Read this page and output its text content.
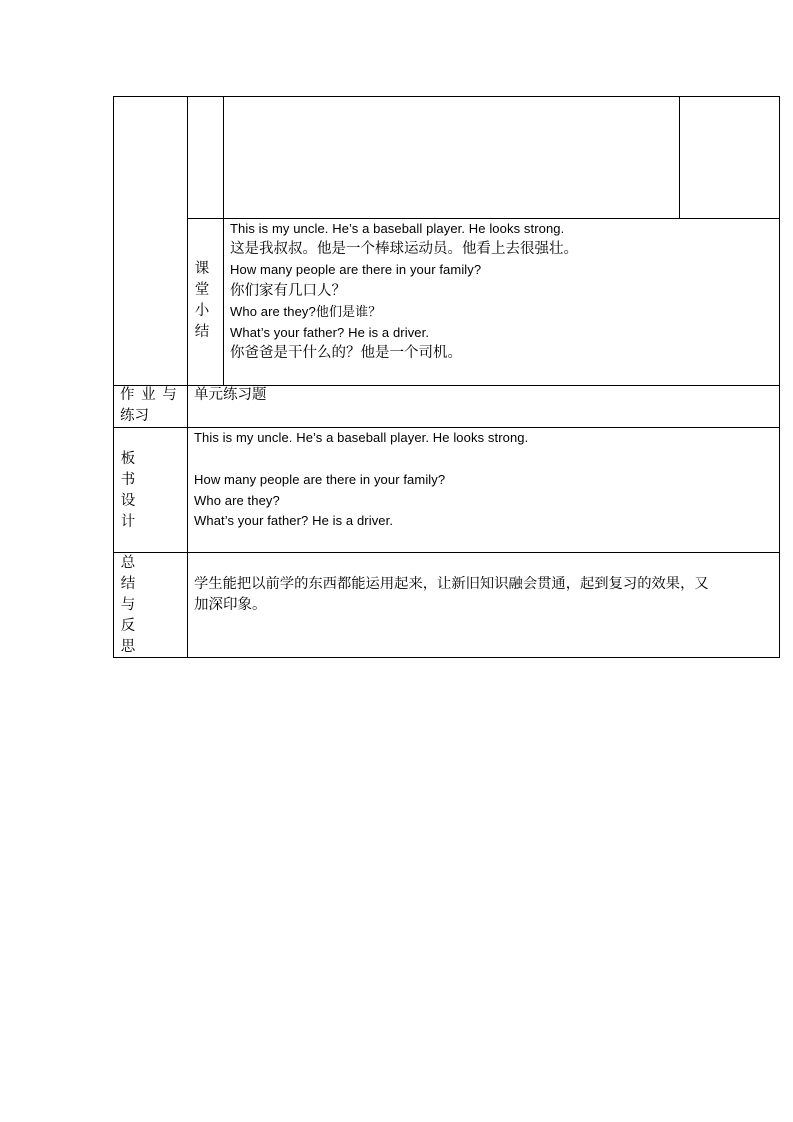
课
堂
小
结
This is my uncle. He’s a baseball player. He looks strong.
这是我叔叔。他是一个棒球运动员。他看上去很强壮。
How many people are there in your family?
你们家有几口人？
Who are they?他们是谁？
What’s your father? He is a driver.
你爸爸是干什么的？他是一个司机。
作 业 与
练习
单元练习题
板
书
设
计
This is my uncle. He’s a baseball player. He looks strong.
How many people are there in your family?
Who are they?
What’s your father? He is a driver.
总
结
与
反
思
学生能把以前学的东西都能运用起来，让新旧知识融会贯通，起到复习的效果，又
加深印象。
